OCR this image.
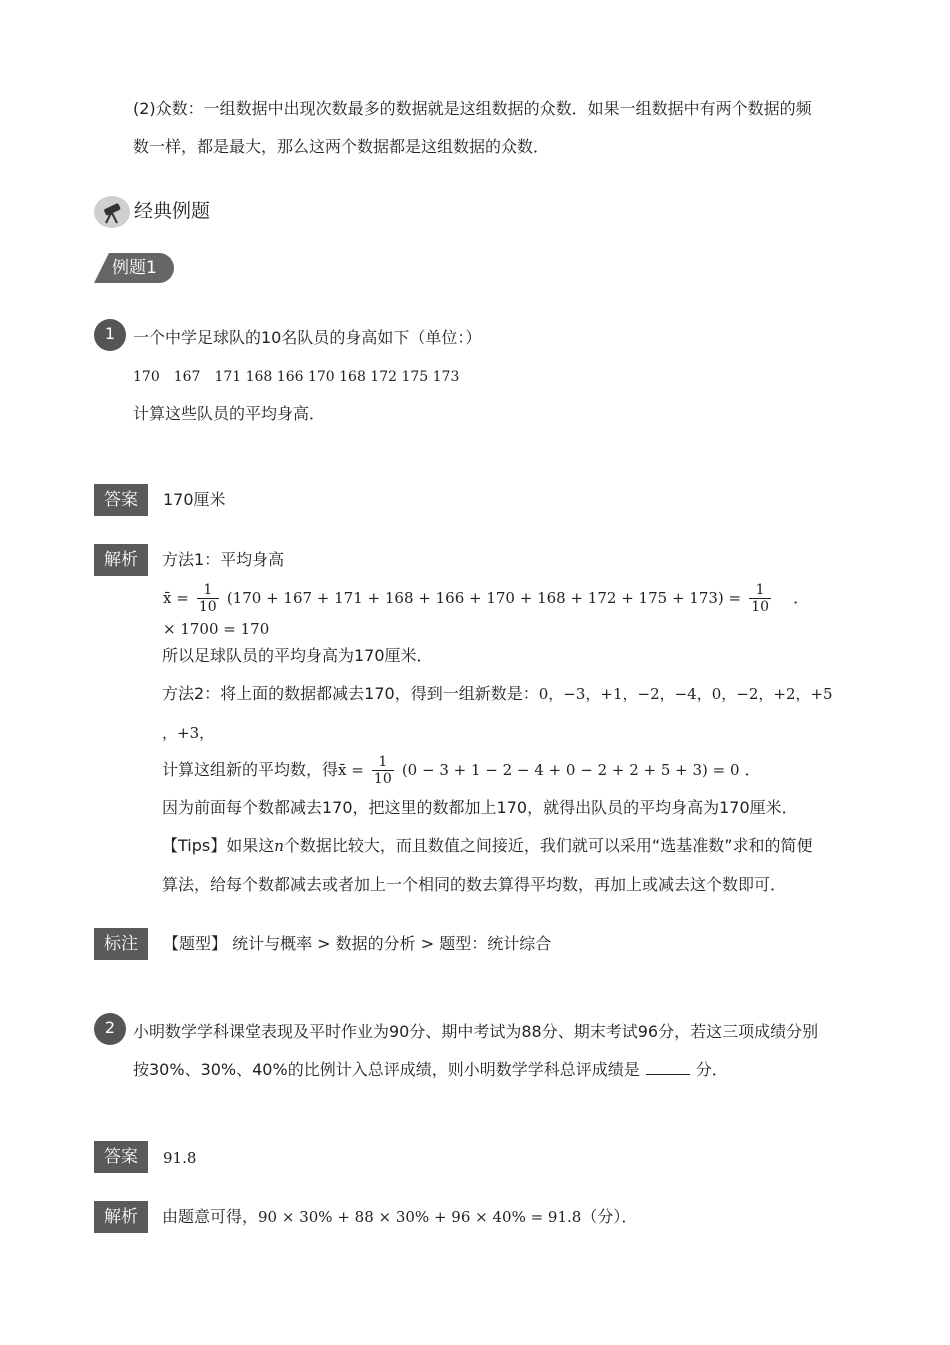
(2)众数：一组数据中出现次数最多的数据就是这组数据的众数．如果一组数据中有两个数据的频
数一样，都是最大，那么这两个数据都是这组数据的众数．
经典例题
例题1
1	一个中学足球队的10名队员的身高如下（单位：）
170　167　171 168 166 170 168 172 175 173
计算这些队员的平均身高．
答案	170厘米
解析	方法1：平均身高
x̄ = $\frac{1}{10} (170 + 167 + 171 + 168 + 166 + 170 + 168 + 172 + 175 + 173) = \frac{1}{10}$ ．
× 1700 = 170
所以足球队员的平均身高为170厘米．
方法2：将上面的数据都减去170，得到一组新数是：0，−3，+1，−2，−4，0，−2，+2，+5
，+3，
计算这组新的平均数，得x̄ = $\frac{1}{10} (0 - 3 + 1 - 2 - 4 + 0 - 2 + 2 + 5 + 3) = 0$ ．
因为前面每个数都减去170，把这里的数都加上170，就得出队员的平均身高为170厘米．
【Tips】如果这n个数据比较大，而且数值之间接近，我们就可以采用“选基准数”求和的简便
算法，给每个数都减去或者加上一个相同的数去算得平均数，再加上或减去这个数即可．
标注	【题型】 统计与概率 > 数据的分析 > 题型：统计综合
2	小明数学学科课堂表现及平时作业为90分、期中考试为88分、期末考试96分，若这三项成绩分别
按30%、30%、40%的比例计入总评成绩，则小明数学学科总评成绩是	分．
答案	91.8
解析	由题意可得，90 × 30% + 88 × 30% + 96 × 40% = 91.8（分）．
